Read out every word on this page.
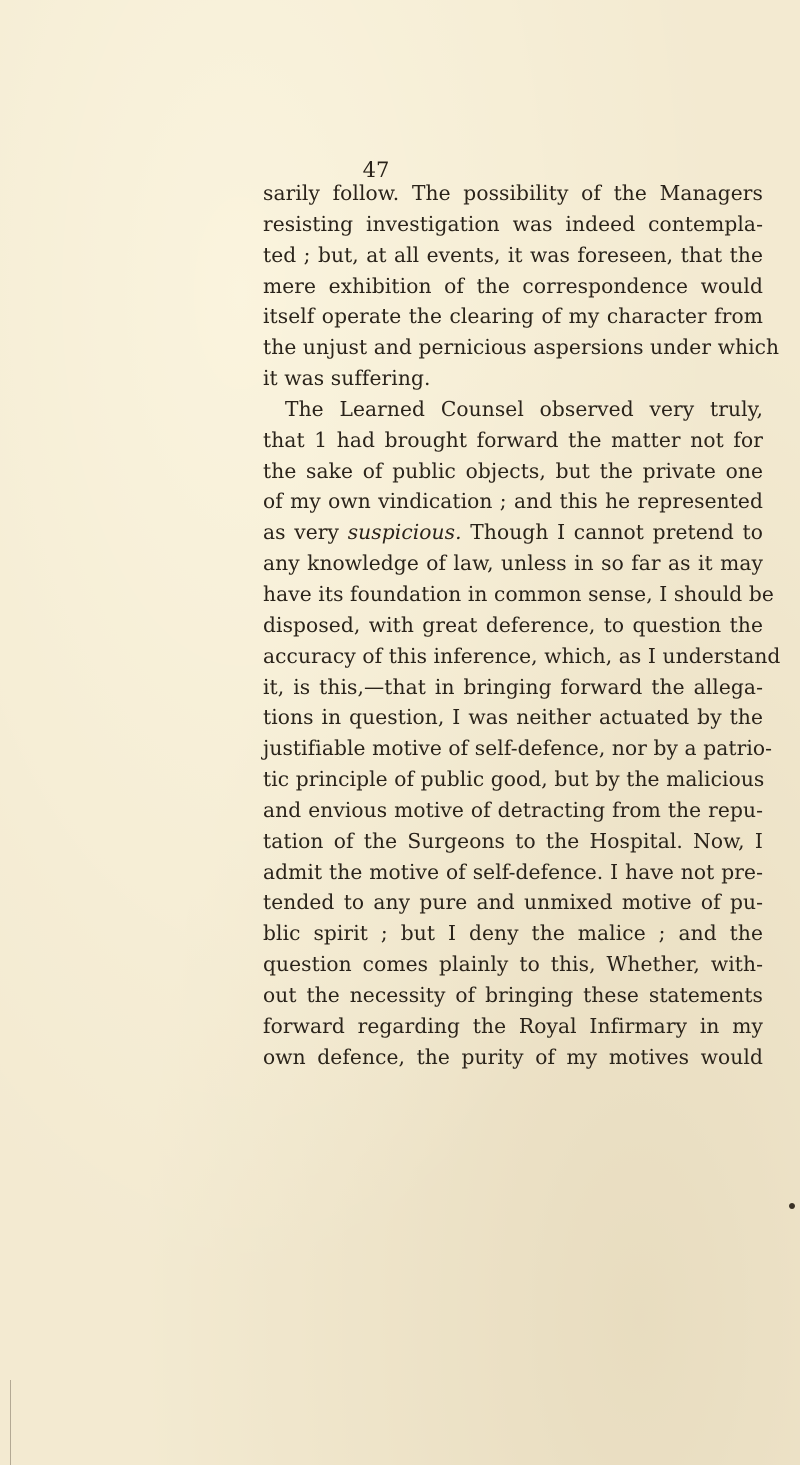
47
sarily follow. The possibility of the Managers
resisting investigation was indeed contempla-
ted ; but, at all events, it was foreseen, that the
mere exhibition of the correspondence would
itself operate the clearing of my character from
the unjust and pernicious aspersions under which
it was suffering.
The Learned Counsel observed very truly,
that 1 had brought forward the matter not for
the sake of public objects, but the private one
of my own vindication ; and this he represented
as very suspicious. Though I cannot pretend to
any knowledge of law, unless in so far as it may
have its foundation in common sense, I should be
disposed, with great deference, to question the
accuracy of this inference, which, as I understand
it, is this,—that in bringing forward the allega-
tions in question, I was neither actuated by the
justifiable motive of self-defence, nor by a patrio-
tic principle of public good, but by the malicious
and envious motive of detracting from the repu-
tation of the Surgeons to the Hospital. Now, I
admit the motive of self-defence. I have not pre-
tended to any pure and unmixed motive of pu-
blic spirit ; but I deny the malice ; and the
question comes plainly to this, Whether, with-
out the necessity of bringing these statements
forward regarding the Royal Infirmary in my
own defence, the purity of my motives would
